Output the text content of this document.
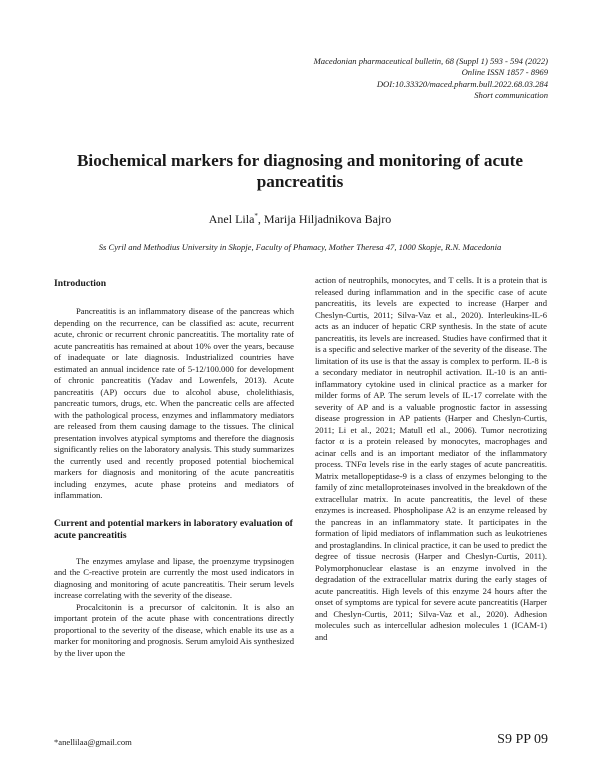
Macedonian pharmaceutical bulletin, 68 (Suppl 1) 593 - 594 (2022)
Online ISSN 1857 - 8969
DOI:10.33320/maced.pharm.bull.2022.68.03.284
Short communication
Biochemical markers for diagnosing and monitoring of acute pancreatitis
Anel Lila*, Marija Hiljadnikova Bajro
Ss Cyril and Methodius University in Skopje, Faculty of Phamacy, Mother Theresa 47, 1000 Skopje, R.N. Macedonia
Introduction

Pancreatitis is an inflammatory disease of the pancreas which depending on the recurrence, can be classified as: acute, recurrent acute, chronic or recurrent chronic pancreatitis. The mortality rate of acute pancreatitis has remained at about 10% over the years, because of inadequate or late diagnosis. Industrialized countries have estimated an annual incidence rate of 5-12/100.000 for development of chronic pancreatitis (Yadav and Lowenfels, 2013). Acute pancreatitis (AP) occurs due to alcohol abuse, cholelithiasis, pancreatic tumors, drugs, etc. When the pancreatic cells are affected with the pathological process, enzymes and inflammatory mediators are released from them causing damage to the tissues. The clinical presentation involves atypical symptoms and therefore the diagnosis significantly relies on the laboratory analysis. This study summarizes the currently used and recently proposed potential biochemical markers for diagnosis and monitoring of the acute pancreatitis including enzymes, acute phase proteins and mediators of inflammation.

Current and potential markers in laboratory evaluation of acute pancreatitis

The enzymes amylase and lipase, the proenzyme trypsinogen and the C-reactive protein are currently the most used indicators in diagnosing and monitoring of acute pancreatitis. Their serum levels increase correlating with the severity of the disease.

Procalcitonin is a precursor of calcitonin. It is also an important protein of the acute phase with concentrations directly proportional to the severity of the disease, which enable its use as a marker for monitoring and prognosis. Serum amyloid Ais synthesized by the liver upon the

action of neutrophils, monocytes, and T cells. It is a protein that is released during inflammation and in the specific case of acute pancreatitis, its levels are expected to increase (Harper and Cheslyn-Curtis, 2011; Silva-Vaz et al., 2020). Interleukins-IL-6 acts as an inducer of hepatic CRP synthesis. In the state of acute pancreatitis, its levels are increased. Studies have confirmed that it is a specific and selective marker of the severity of the disease. The limitation of its use is that the assay is complex to perform. IL-8 is a secondary mediator in neutrophil activation. IL-10 is an anti-inflammatory cytokine used in clinical practice as a marker for milder forms of AP. The serum levels of IL-17 correlate with the severity of AP and is a valuable prognostic factor in assessing disease progression in AP patients (Harper and Cheslyn-Curtis, 2011; Li et al., 2021; Matull etl al., 2006). Tumor necrotizing factor α is a protein released by monocytes, macrophages and acinar cells and is an important mediator of the inflammatory process. TNFα levels rise in the early stages of acute pancreatitis. Matrix metallopeptidase-9 is a class of enzymes belonging to the family of zinc metalloproteinases involved in the breakdown of the extracellular matrix. In acute pancreatitis, the level of these enzymes is increased. Phospholipase A2 is an enzyme released by the pancreas in an inflammatory state. It participates in the formation of lipid mediators of inflammation such as leukotrienes and prostaglandins. In clinical practice, it can be used to predict the degree of tissue necrosis (Harper and Cheslyn-Curtis, 2011). Polymorphonuclear elastase is an enzyme involved in the degradation of the extracellular matrix during the early stages of acute pancreatitis. High levels of this enzyme 24 hours after the onset of symptoms are typical for severe acute pancreatitis (Harper and Cheslyn-Curtis, 2011; Silva-Vaz et al., 2020). Adhesion molecules such as intercellular adhesion molecules 1 (ICAM-1) and

*anellilaa@gmail.com	S9 PP 09
